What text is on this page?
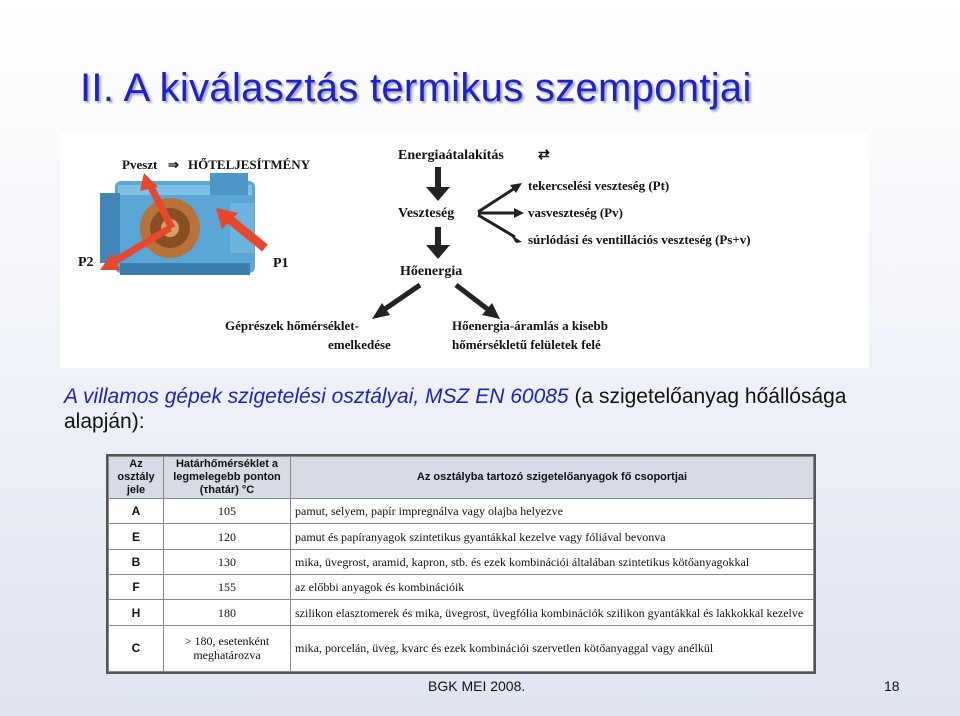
II. A kiválasztás termikus szempontjai
Pveszt ⇒ HŐTELJESÍTMÉNY
P2	P1
Energiaátalakítás ⇄
Veszteség
tekercselési veszteség (Pt)
vasveszteség (Pv)
súrlódási és ventillációs veszteség (Ps+v)
Hőenergia
Géprészek hőmérséklet-
emelkedése
Hőenergia-áramlás a kisebb
hőmérsékletű felületek felé
A villamos gépek szigetelési osztályai, MSZ EN 60085 (a szigetelőanyag hőállósága alapján):
Az osztály jele	Határhőmérséklet a legmelegebb ponton (τhatár) °C	Az osztályba tartozó szigetelőanyagok fő csoportjai
A	105	pamut, selyem, papír impregnálva vagy olajba helyezve
E	120	pamut és papíranyagok szintetikus gyantákkal kezelve vagy fóliával bevonva
B	130	mika, üvegrost, aramid, kapron, stb. és ezek kombinációi általában szintetikus kötőanyagokkal
F	155	az előbbi anyagok és kombinációik
H	180	szilikon elasztomerek és mika, üvegrost, üvegfólia kombinációk szilikon gyantákkal és lakkokkal kezelve
C	> 180, esetenként meghatározva	mika, porcelán, üveg, kvarc és ezek kombinációi szervetlen kötőanyaggal vagy anélkül
BGK MEI 2008.	18
